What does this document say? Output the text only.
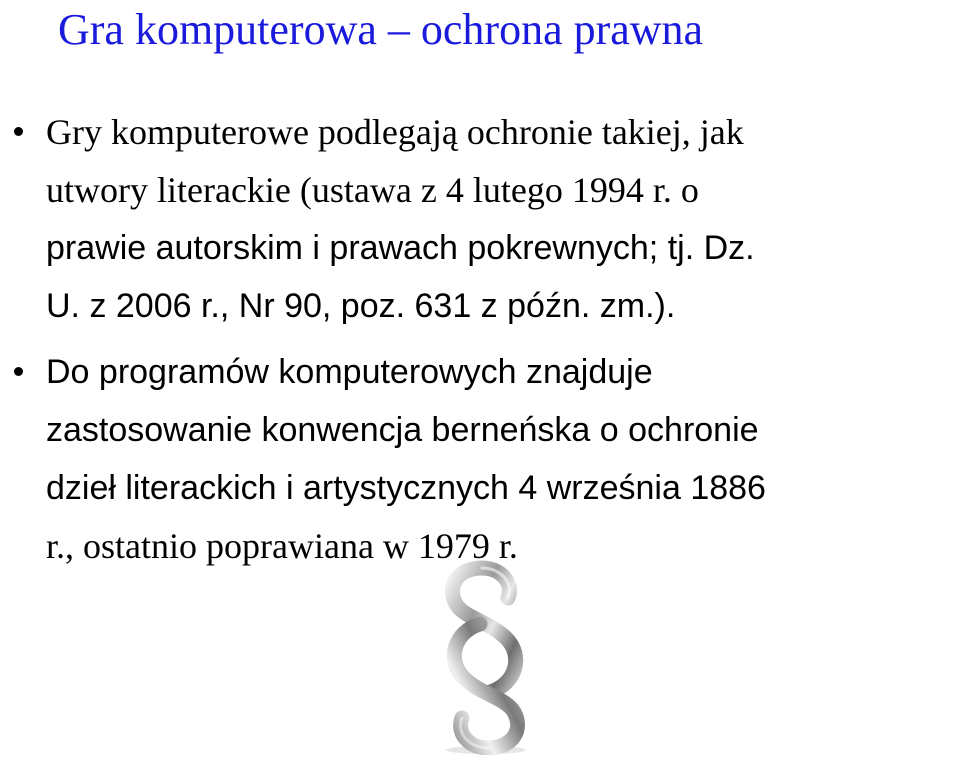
Gra komputerowa – ochrona prawna
Gry komputerowe podlegają ochronie takiej, jak
utwory literackie (ustawa z 4 lutego 1994 r. o
prawie autorskim i prawach pokrewnych; tj. Dz.
U. z 2006 r., Nr 90, poz. 631 z późn. zm.).
Do programów komputerowych znajduje
zastosowanie konwencja berneńska o ochronie
dzieł literackich i artystycznych 4 września 1886
r., ostatnio poprawiana w 1979 r.
